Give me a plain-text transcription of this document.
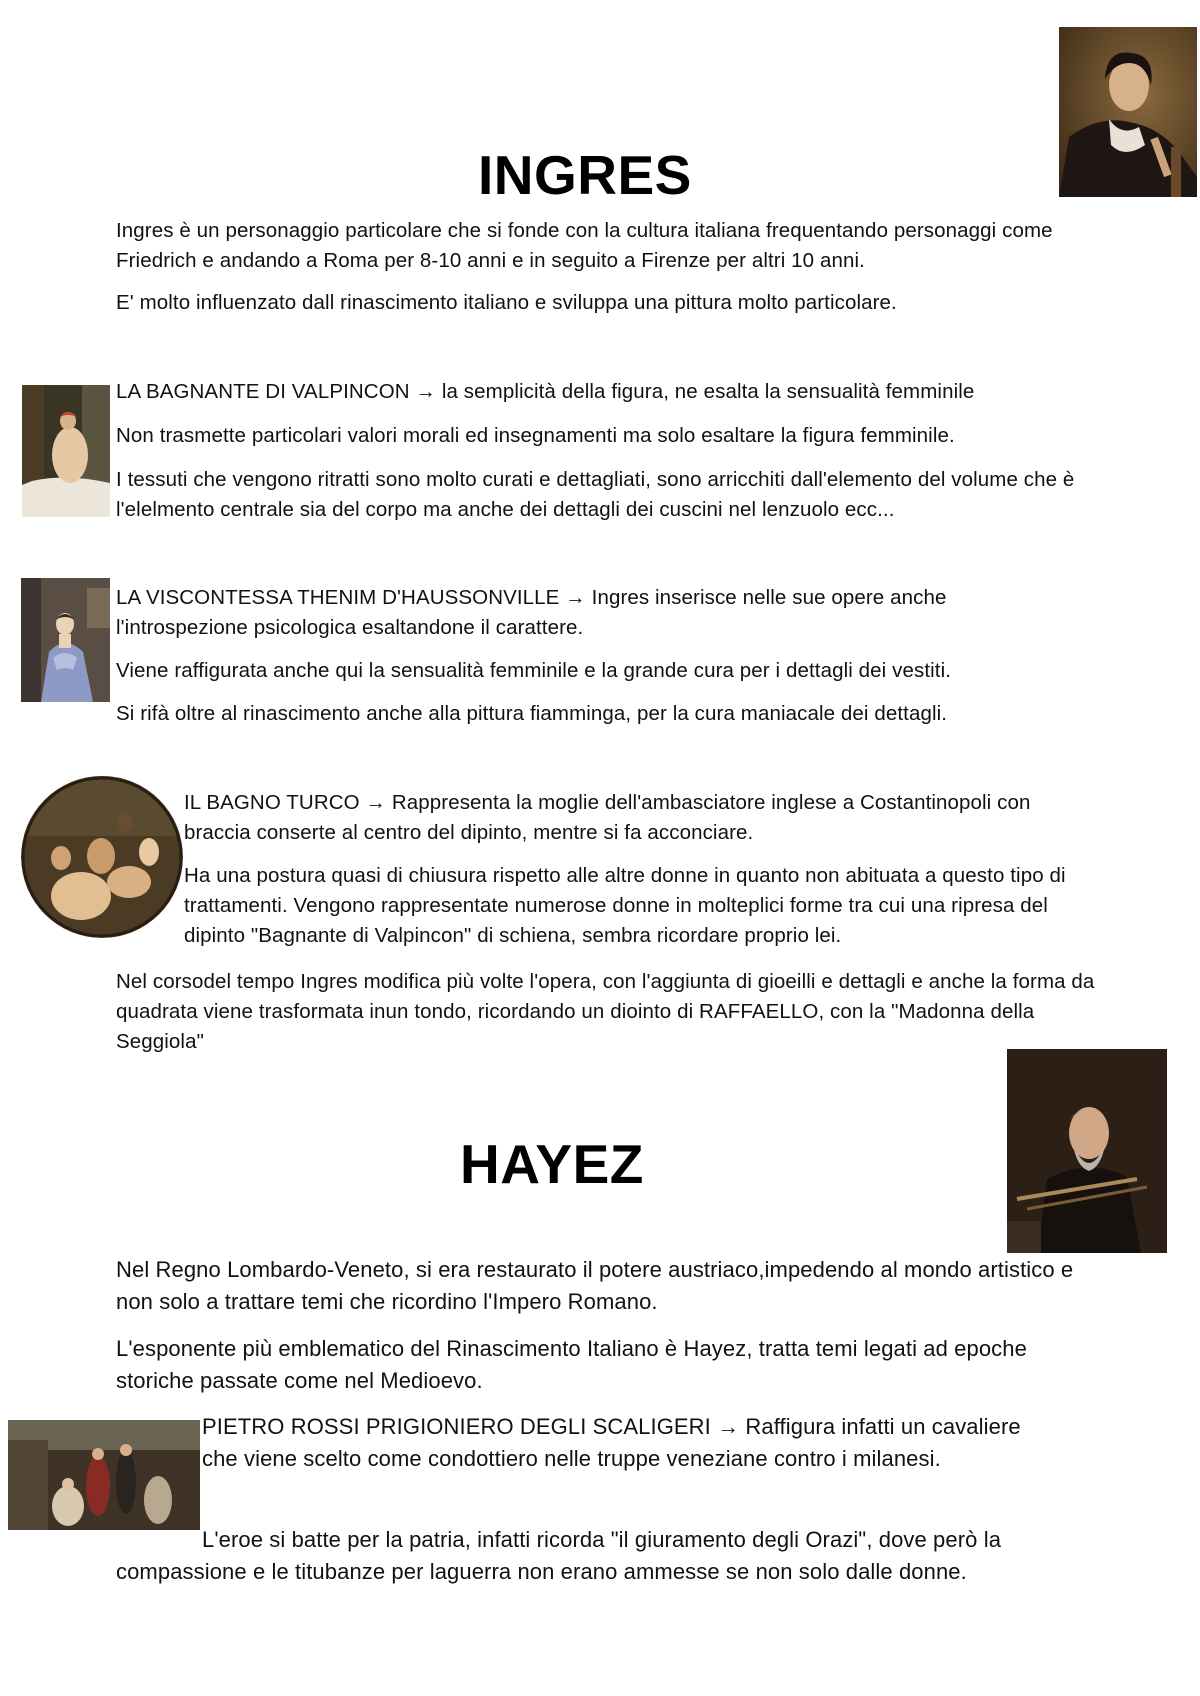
INGRES

Ingres è un personaggio particolare che si fonde con la cultura italiana frequentando personaggi come Friedrich e andando a Roma per 8-10 anni e in seguito a Firenze per altri 10 anni.

E' molto influenzato dall rinascimento italiano e sviluppa una pittura molto particolare.

LA BAGNANTE DI VALPINCON → la semplicità della figura, ne esalta la sensualità femminile

Non trasmette particolari valori morali ed insegnamenti ma solo esaltare la figura femminile.

I tessuti che vengono ritratti sono molto curati e dettagliati, sono arricchiti dall'elemento del volume che è l'elelmento centrale sia del corpo ma anche dei dettagli dei cuscini nel lenzuolo ecc...

LA VISCONTESSA THENIM D'HAUSSONVILLE → Ingres inserisce nelle sue opere anche l'introspezione psicologica esaltandone il carattere.

Viene raffigurata anche qui la sensualità femminile e la grande cura per i dettagli dei vestiti.

Si rifà oltre al rinascimento anche alla pittura fiamminga, per la cura maniacale dei dettagli.

IL BAGNO TURCO → Rappresenta la moglie dell'ambasciatore inglese a Costantinopoli con braccia conserte al centro del dipinto, mentre si fa acconciare.

Ha una postura quasi di chiusura rispetto alle altre donne in quanto non abituata a questo tipo di trattamenti. Vengono rappresentate numerose donne in molteplici forme tra cui una ripresa del dipinto "Bagnante di Valpincon" di schiena, sembra ricordare proprio lei.

Nel corsodel tempo Ingres modifica più volte l'opera, con l'aggiunta di gioeilli e dettagli e anche la forma da quadrata viene trasformata inun tondo, ricordando un diointo di RAFFAELLO, con la "Madonna della Seggiola"

HAYEZ

Nel Regno Lombardo-Veneto, si era restaurato il potere austriaco,impedendo al mondo artistico e non solo a trattare temi che ricordino l'Impero Romano.

L'esponente più emblematico del Rinascimento Italiano è Hayez, tratta temi legati ad epoche storiche passate come nel Medioevo.

PIETRO ROSSI PRIGIONIERO DEGLI SCALIGERI → Raffigura infatti un cavaliere che viene scelto come condottiero nelle truppe veneziane contro i milanesi.

L'eroe si batte per la patria, infatti ricorda "il giuramento degli Orazi", dove però la compassione e le titubanze per laguerra non erano ammesse se non solo dalle donne.
